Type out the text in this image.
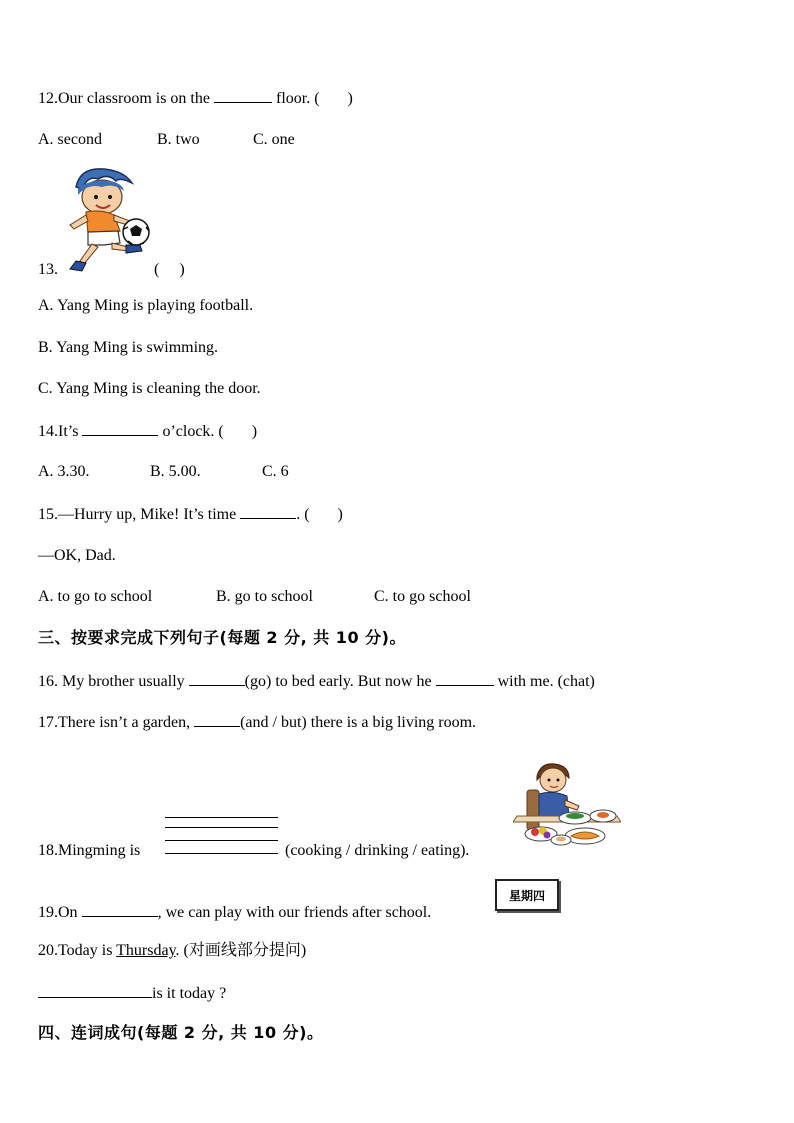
12.Our classroom is on the	floor. ( )
A. second	B. two	C. one
13.	( )
A. Yang Ming is playing football.
B. Yang Ming is swimming.
C. Yang Ming is cleaning the door.
14.It’s	o’clock. ( )
A. 3.30.	B. 5.00.	C. 6
15.—Hurry up, Mike! It’s time	. ( )
—OK, Dad.
A. to go to school	B. go to school	C. to go school
三、按要求完成下列句子(每题 2 分, 共 10 分)。
16. My brother usually	(go) to bed early. But now he	with me. (chat)
17.There isn’t a garden,	(and / but) there is a big living room.
18.Mingming is	(cooking / drinking / eating).
星期四
19.On	, we can play with our friends after school.
20.Today is Thursday. (对画线部分提问)
is it today ?
四、连词成句(每题 2 分, 共 10 分)。
